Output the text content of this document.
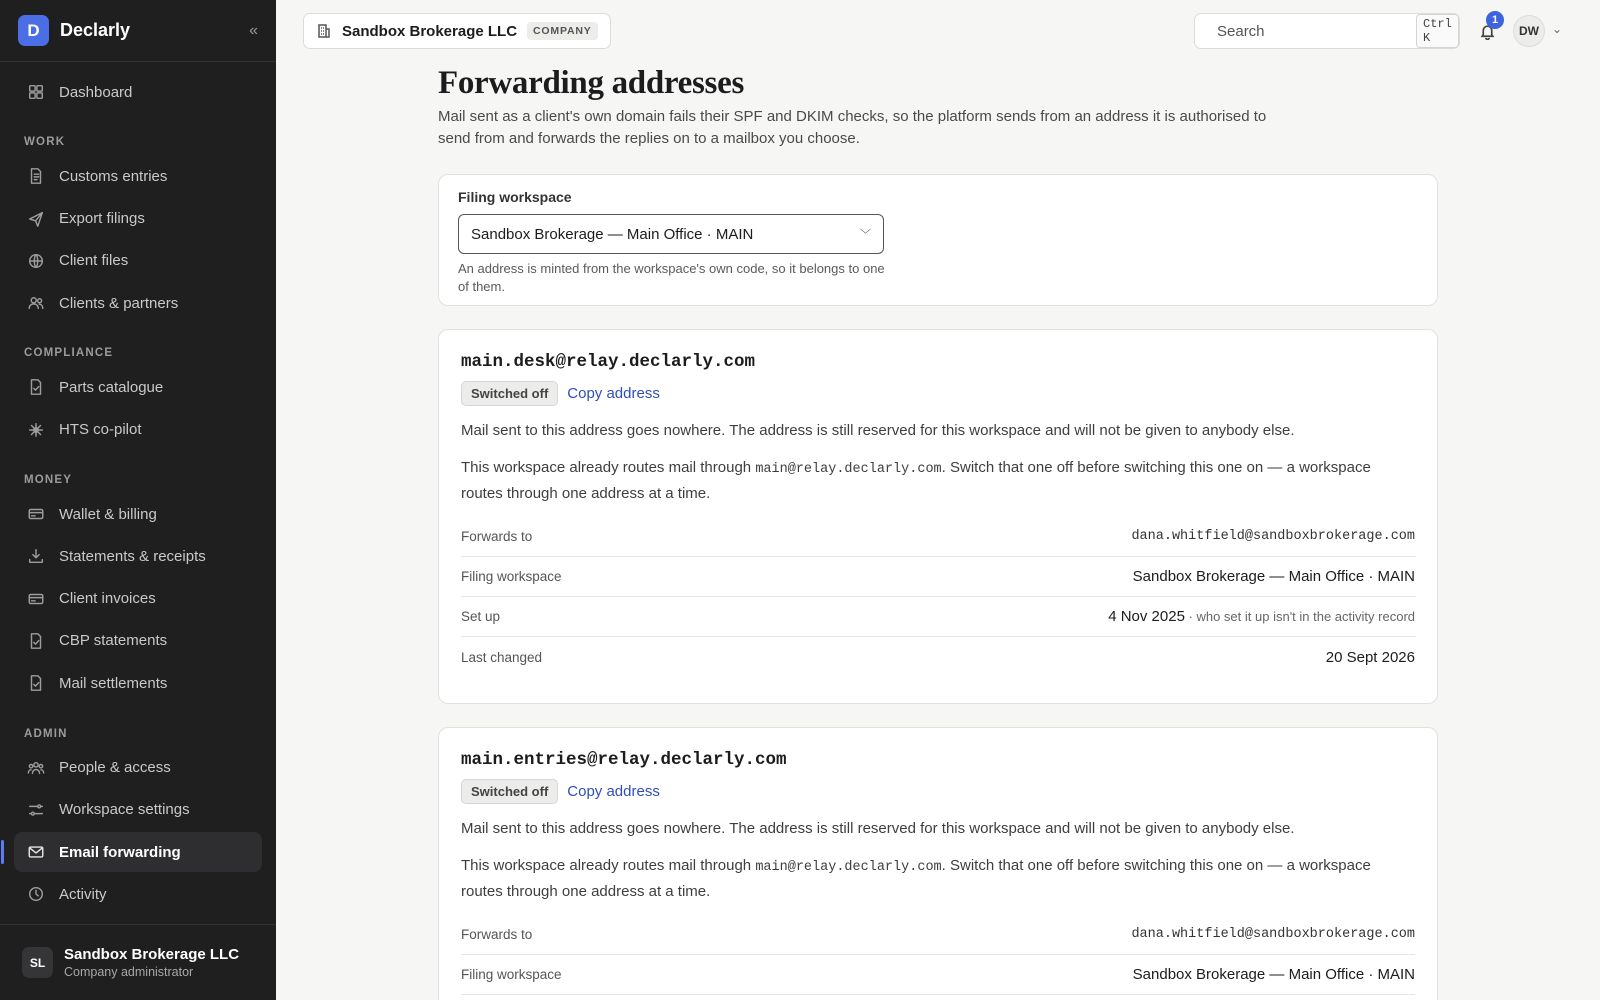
D	Declarly	«
Dashboard
WORK
Customs entries
Export filings
Client files
Clients & partners
COMPLIANCE
Parts catalogue
HTS co-pilot
MONEY
Wallet & billing
Statements & receipts
Client invoices
CBP statements
Mail settlements
ADMIN
People & access
Workspace settings
Email forwarding
Activity
SL	Sandbox Brokerage LLC
Company administrator
Sandbox Brokerage LLC	COMPANY
Search	Ctrl K
1
DW	⌄
Forwarding addresses

Mail sent as a client's own domain fails their SPF and DKIM checks, so the platform sends from an address it is authorised to send from and forwards the replies on to a mailbox you choose.

Filing workspace
Sandbox Brokerage — Main Office · MAIN	﹀
An address is minted from the workspace's own code, so it belongs to one of them.
main.desk@relay.declarly.com
Switched off	Copy address

Mail sent to this address goes nowhere. The address is still reserved for this workspace and will not be given to anybody else.

This workspace already routes mail through main@relay.declarly.com. Switch that one off before switching this one on — a workspace routes through one address at a time.

Forwards to	dana.whitfield@sandboxbrokerage.com
Filing workspace	Sandbox Brokerage — Main Office · MAIN
Set up	4 Nov 2025 · who set it up isn't in the activity record
Last changed	20 Sept 2026
main.entries@relay.declarly.com
Switched off	Copy address

Mail sent to this address goes nowhere. The address is still reserved for this workspace and will not be given to anybody else.

This workspace already routes mail through main@relay.declarly.com. Switch that one off before switching this one on — a workspace routes through one address at a time.

Forwards to	dana.whitfield@sandboxbrokerage.com
Filing workspace	Sandbox Brokerage — Main Office · MAIN
